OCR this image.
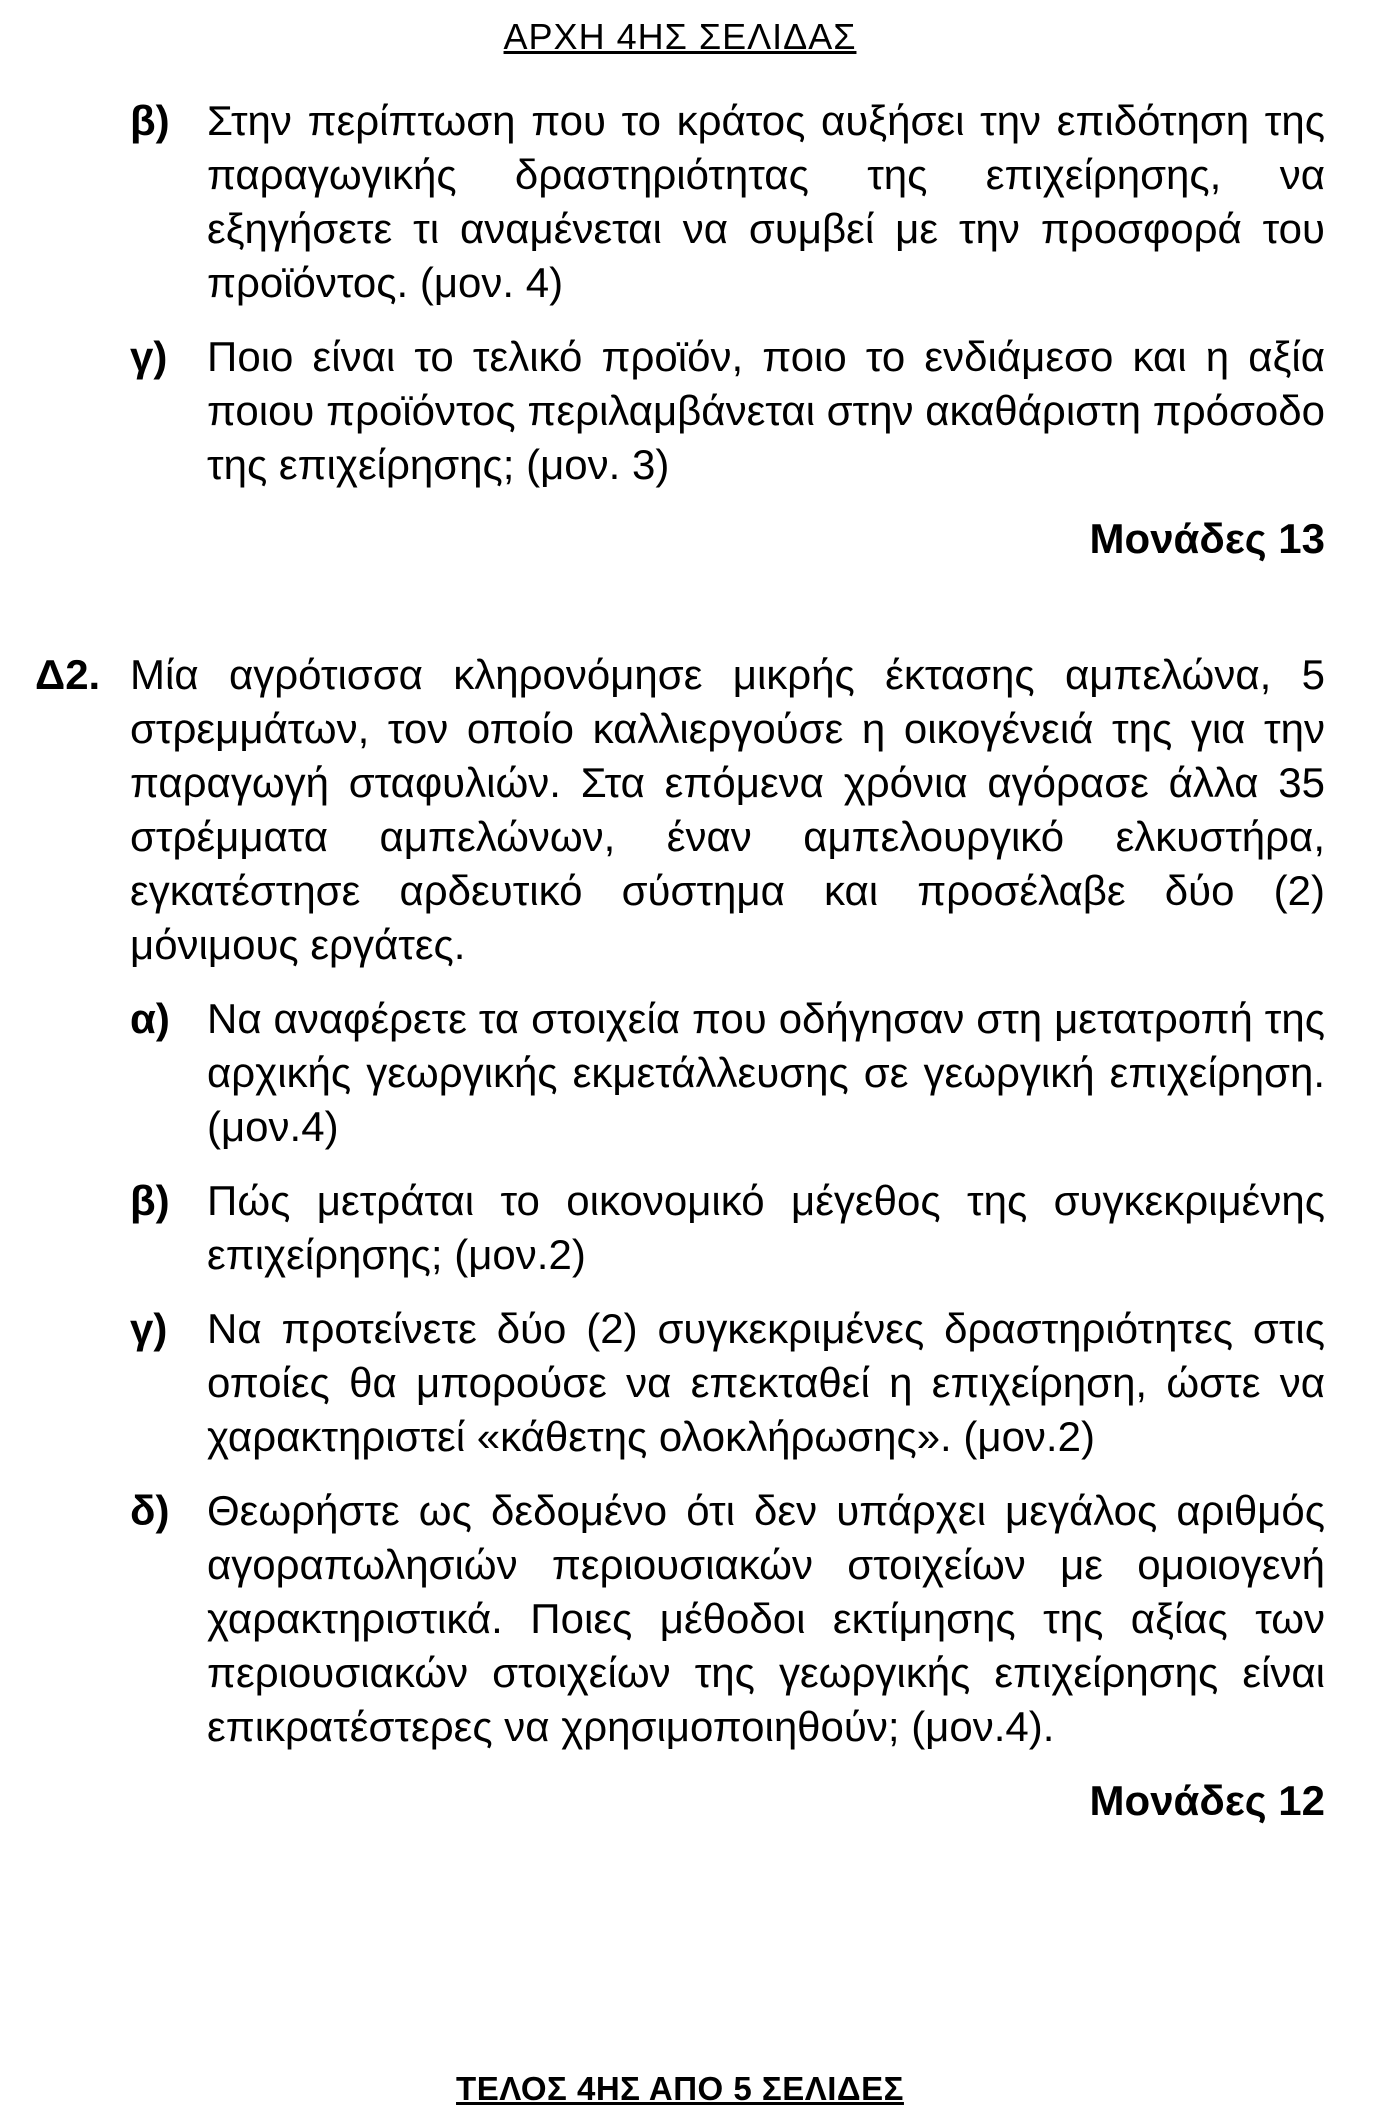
ΑΡΧΗ 4ΗΣ ΣΕΛΙΔΑΣ
β) Στην περίπτωση που το κράτος αυξήσει την επιδότηση της παραγωγικής δραστηριότητας της επιχείρησης, να εξηγήσετε τι αναμένεται να συμβεί με την προσφορά του προϊόντος. (μον. 4)

γ) Ποιο είναι το τελικό προϊόν, ποιο το ενδιάμεσο και η αξία ποιου προϊόντος περιλαμβάνεται στην ακαθάριστη πρόσοδο της επιχείρησης; (μον. 3)

Μονάδες 13
Δ2. Μία αγρότισσα κληρονόμησε μικρής έκτασης αμπελώνα, 5 στρεμμάτων, τον οποίο καλλιεργούσε η οικογένειά της για την παραγωγή σταφυλιών. Στα επόμενα χρόνια αγόρασε άλλα 35 στρέμματα αμπελώνων, έναν αμπελουργικό ελκυστήρα, εγκατέστησε αρδευτικό σύστημα και προσέλαβε δύο (2) μόνιμους εργάτες.

α) Να αναφέρετε τα στοιχεία που οδήγησαν στη μετατροπή της αρχικής γεωργικής εκμετάλλευσης σε γεωργική επιχείρηση. (μον.4)

β) Πώς μετράται το οικονομικό μέγεθος της συγκεκριμένης επιχείρησης; (μον.2)

γ) Να προτείνετε δύο (2) συγκεκριμένες δραστηριότητες στις οποίες θα μπορούσε να επεκταθεί η επιχείρηση, ώστε να χαρακτηριστεί «κάθετης ολοκλήρωσης». (μον.2)

δ) Θεωρήστε ως δεδομένο ότι δεν υπάρχει μεγάλος αριθμός αγοραπωλησιών περιουσιακών στοιχείων με ομοιογενή χαρακτηριστικά. Ποιες μέθοδοι εκτίμησης της αξίας των περιουσιακών στοιχείων της γεωργικής επιχείρησης είναι επικρατέστερες να χρησιμοποιηθούν; (μον.4).

Μονάδες 12
ΤΕΛΟΣ 4ΗΣ ΑΠΟ 5 ΣΕΛΙΔΕΣ
